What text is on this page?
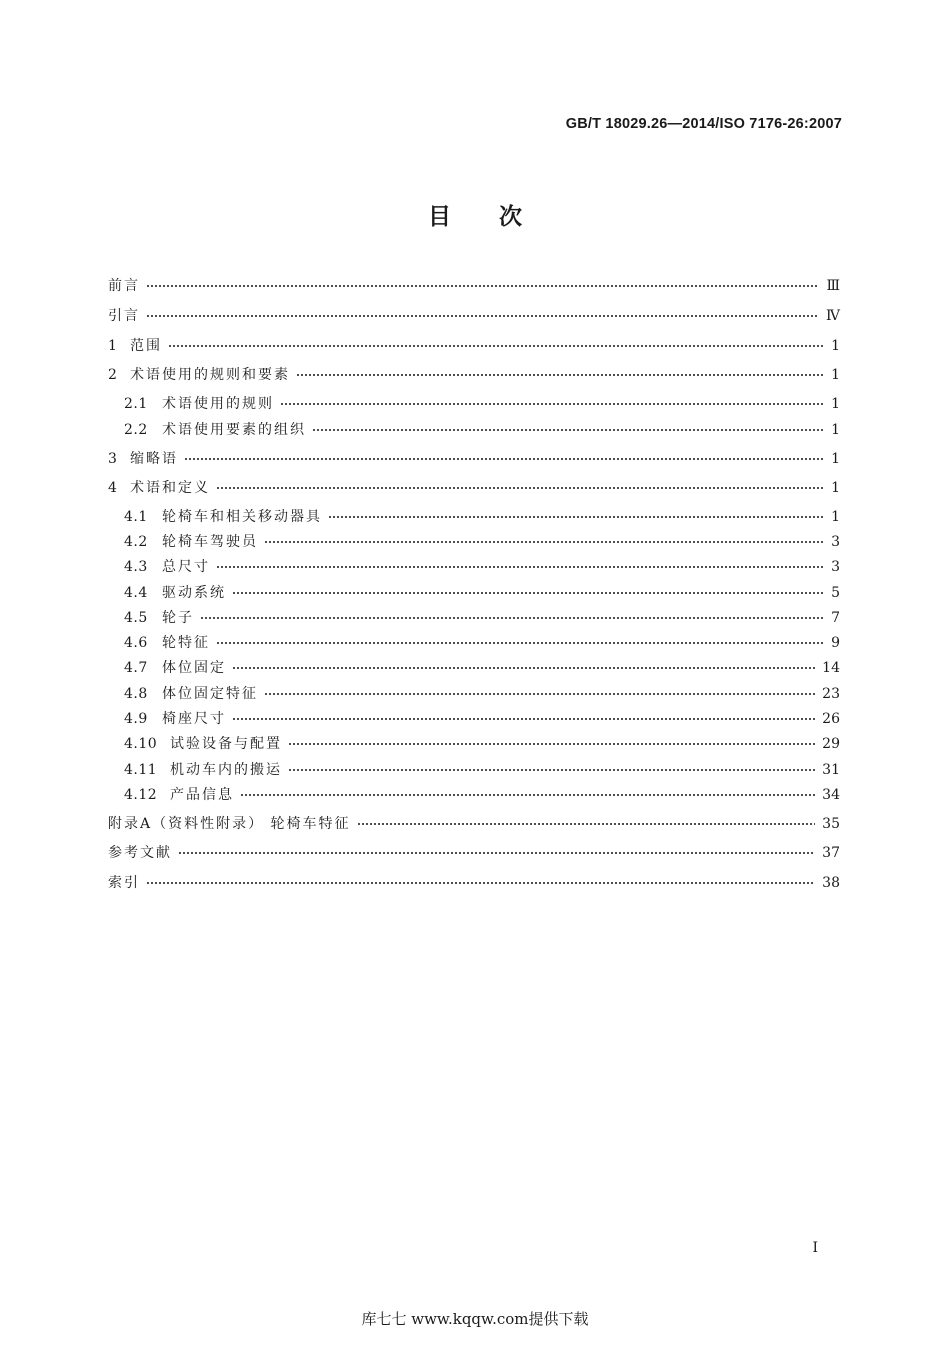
GB/T 18029.26—2014/ISO 7176-26:2007
目次
前言	Ⅲ
引言	Ⅳ
1 范围	1
2 术语使用的规则和要素	1
2.1	术语使用的规则	1
2.2	术语使用要素的组织	1
3 缩略语	1
4 术语和定义	1
4.1	轮椅车和相关移动器具	1
4.2	轮椅车驾驶员	3
4.3	总尺寸	3
4.4	驱动系统	5
4.5	轮子	7
4.6	轮特征	9
4.7	体位固定	14
4.8	体位固定特征	23
4.9	椅座尺寸	26
4.10 试验设备与配置	29
4.11 机动车内的搬运	31
4.12 产品信息	34
附录A（资料性附录） 轮椅车特征	35
参考文献	37
索引	38
I
库七七 www.kqqw.com提供下载
